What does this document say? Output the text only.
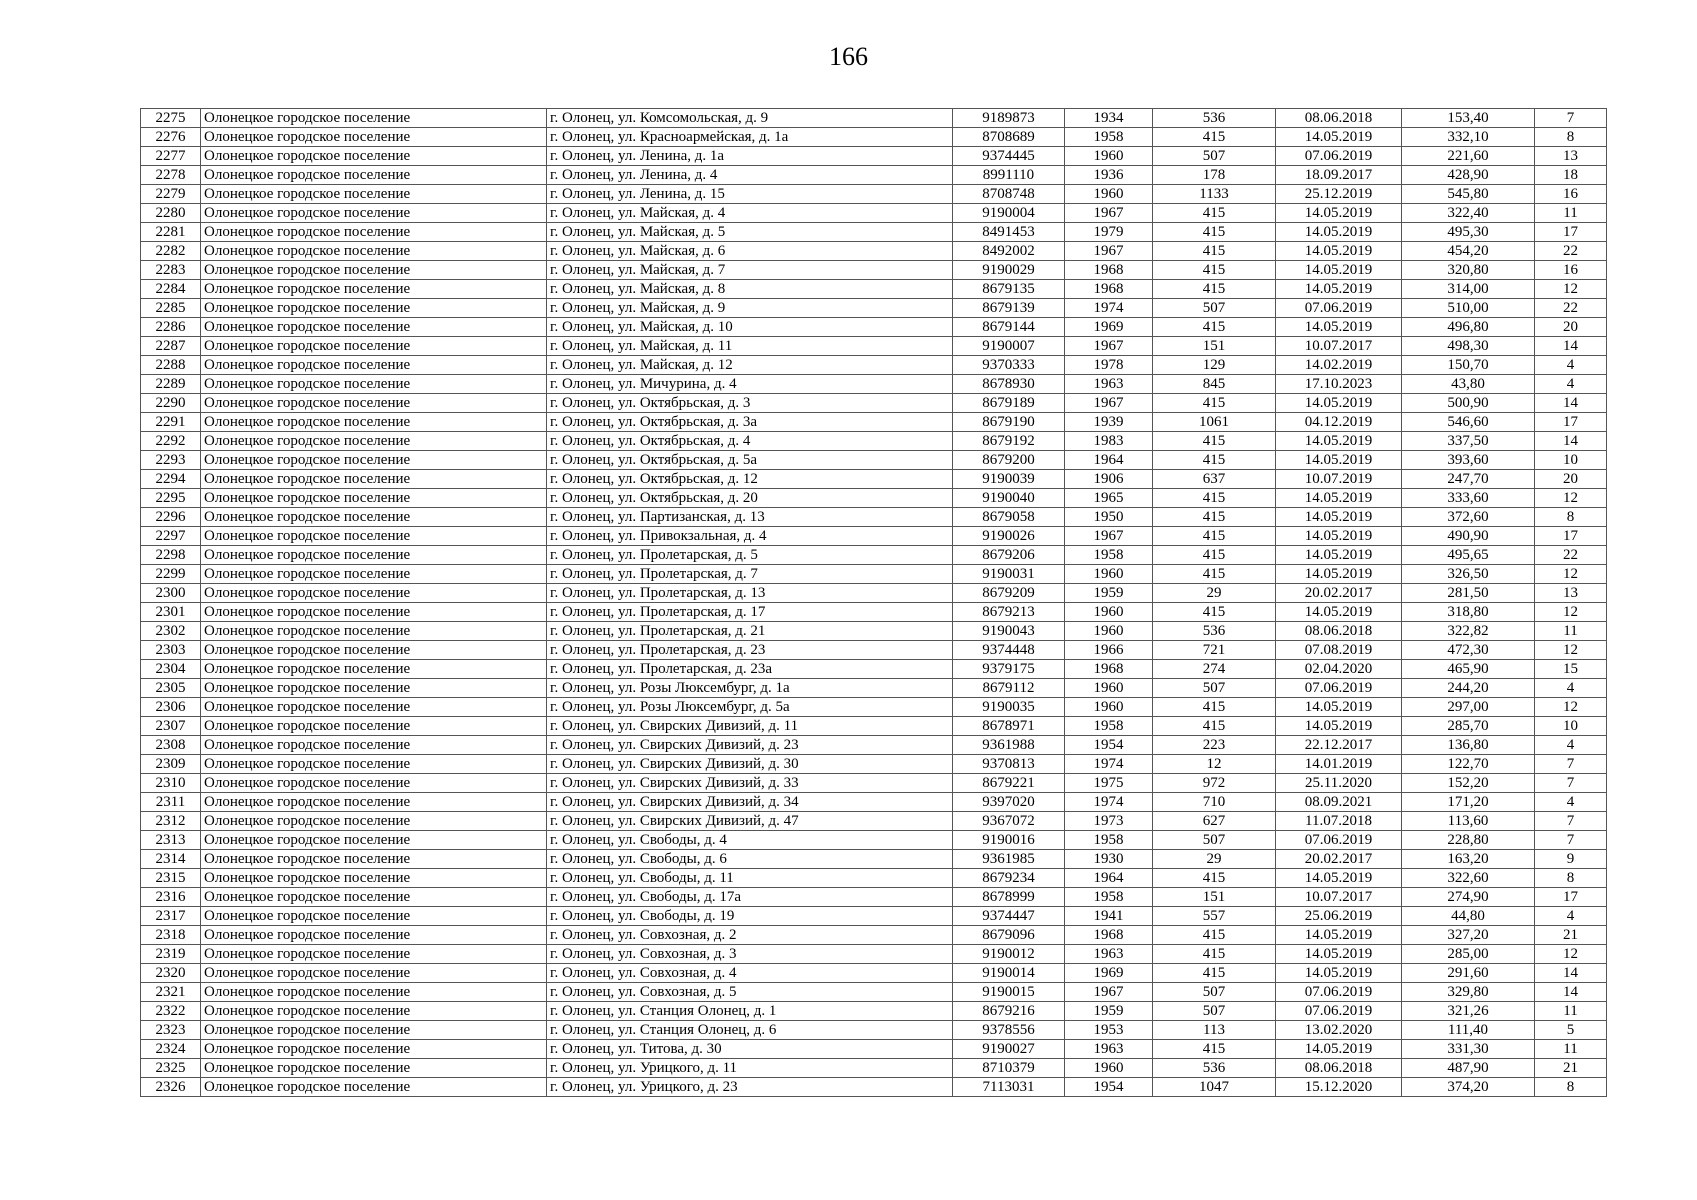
166
2275	Олонецкое городское поселение	г. Олонец, ул. Комсомольская, д. 9	9189873	1934	536	08.06.2018	153,40	7
2276	Олонецкое городское поселение	г. Олонец, ул. Красноармейская, д. 1а	8708689	1958	415	14.05.2019	332,10	8
2277	Олонецкое городское поселение	г. Олонец, ул. Ленина, д. 1а	9374445	1960	507	07.06.2019	221,60	13
2278	Олонецкое городское поселение	г. Олонец, ул. Ленина, д. 4	8991110	1936	178	18.09.2017	428,90	18
2279	Олонецкое городское поселение	г. Олонец, ул. Ленина, д. 15	8708748	1960	1133	25.12.2019	545,80	16
2280	Олонецкое городское поселение	г. Олонец, ул. Майская, д. 4	9190004	1967	415	14.05.2019	322,40	11
2281	Олонецкое городское поселение	г. Олонец, ул. Майская, д. 5	8491453	1979	415	14.05.2019	495,30	17
2282	Олонецкое городское поселение	г. Олонец, ул. Майская, д. 6	8492002	1967	415	14.05.2019	454,20	22
2283	Олонецкое городское поселение	г. Олонец, ул. Майская, д. 7	9190029	1968	415	14.05.2019	320,80	16
2284	Олонецкое городское поселение	г. Олонец, ул. Майская, д. 8	8679135	1968	415	14.05.2019	314,00	12
2285	Олонецкое городское поселение	г. Олонец, ул. Майская, д. 9	8679139	1974	507	07.06.2019	510,00	22
2286	Олонецкое городское поселение	г. Олонец, ул. Майская, д. 10	8679144	1969	415	14.05.2019	496,80	20
2287	Олонецкое городское поселение	г. Олонец, ул. Майская, д. 11	9190007	1967	151	10.07.2017	498,30	14
2288	Олонецкое городское поселение	г. Олонец, ул. Майская, д. 12	9370333	1978	129	14.02.2019	150,70	4
2289	Олонецкое городское поселение	г. Олонец, ул. Мичурина, д. 4	8678930	1963	845	17.10.2023	43,80	4
2290	Олонецкое городское поселение	г. Олонец, ул. Октябрьская, д. 3	8679189	1967	415	14.05.2019	500,90	14
2291	Олонецкое городское поселение	г. Олонец, ул. Октябрьская, д. 3а	8679190	1939	1061	04.12.2019	546,60	17
2292	Олонецкое городское поселение	г. Олонец, ул. Октябрьская, д. 4	8679192	1983	415	14.05.2019	337,50	14
2293	Олонецкое городское поселение	г. Олонец, ул. Октябрьская, д. 5а	8679200	1964	415	14.05.2019	393,60	10
2294	Олонецкое городское поселение	г. Олонец, ул. Октябрьская, д. 12	9190039	1906	637	10.07.2019	247,70	20
2295	Олонецкое городское поселение	г. Олонец, ул. Октябрьская, д. 20	9190040	1965	415	14.05.2019	333,60	12
2296	Олонецкое городское поселение	г. Олонец, ул. Партизанская, д. 13	8679058	1950	415	14.05.2019	372,60	8
2297	Олонецкое городское поселение	г. Олонец, ул. Привокзальная, д. 4	9190026	1967	415	14.05.2019	490,90	17
2298	Олонецкое городское поселение	г. Олонец, ул. Пролетарская, д. 5	8679206	1958	415	14.05.2019	495,65	22
2299	Олонецкое городское поселение	г. Олонец, ул. Пролетарская, д. 7	9190031	1960	415	14.05.2019	326,50	12
2300	Олонецкое городское поселение	г. Олонец, ул. Пролетарская, д. 13	8679209	1959	29	20.02.2017	281,50	13
2301	Олонецкое городское поселение	г. Олонец, ул. Пролетарская, д. 17	8679213	1960	415	14.05.2019	318,80	12
2302	Олонецкое городское поселение	г. Олонец, ул. Пролетарская, д. 21	9190043	1960	536	08.06.2018	322,82	11
2303	Олонецкое городское поселение	г. Олонец, ул. Пролетарская, д. 23	9374448	1966	721	07.08.2019	472,30	12
2304	Олонецкое городское поселение	г. Олонец, ул. Пролетарская, д. 23а	9379175	1968	274	02.04.2020	465,90	15
2305	Олонецкое городское поселение	г. Олонец, ул. Розы Люксембург, д. 1а	8679112	1960	507	07.06.2019	244,20	4
2306	Олонецкое городское поселение	г. Олонец, ул. Розы Люксембург, д. 5а	9190035	1960	415	14.05.2019	297,00	12
2307	Олонецкое городское поселение	г. Олонец, ул. Свирских Дивизий, д. 11	8678971	1958	415	14.05.2019	285,70	10
2308	Олонецкое городское поселение	г. Олонец, ул. Свирских Дивизий, д. 23	9361988	1954	223	22.12.2017	136,80	4
2309	Олонецкое городское поселение	г. Олонец, ул. Свирских Дивизий, д. 30	9370813	1974	12	14.01.2019	122,70	7
2310	Олонецкое городское поселение	г. Олонец, ул. Свирских Дивизий, д. 33	8679221	1975	972	25.11.2020	152,20	7
2311	Олонецкое городское поселение	г. Олонец, ул. Свирских Дивизий, д. 34	9397020	1974	710	08.09.2021	171,20	4
2312	Олонецкое городское поселение	г. Олонец, ул. Свирских Дивизий, д. 47	9367072	1973	627	11.07.2018	113,60	7
2313	Олонецкое городское поселение	г. Олонец, ул. Свободы, д. 4	9190016	1958	507	07.06.2019	228,80	7
2314	Олонецкое городское поселение	г. Олонец, ул. Свободы, д. 6	9361985	1930	29	20.02.2017	163,20	9
2315	Олонецкое городское поселение	г. Олонец, ул. Свободы, д. 11	8679234	1964	415	14.05.2019	322,60	8
2316	Олонецкое городское поселение	г. Олонец, ул. Свободы, д. 17а	8678999	1958	151	10.07.2017	274,90	17
2317	Олонецкое городское поселение	г. Олонец, ул. Свободы, д. 19	9374447	1941	557	25.06.2019	44,80	4
2318	Олонецкое городское поселение	г. Олонец, ул. Совхозная, д. 2	8679096	1968	415	14.05.2019	327,20	21
2319	Олонецкое городское поселение	г. Олонец, ул. Совхозная, д. 3	9190012	1963	415	14.05.2019	285,00	12
2320	Олонецкое городское поселение	г. Олонец, ул. Совхозная, д. 4	9190014	1969	415	14.05.2019	291,60	14
2321	Олонецкое городское поселение	г. Олонец, ул. Совхозная, д. 5	9190015	1967	507	07.06.2019	329,80	14
2322	Олонецкое городское поселение	г. Олонец, ул. Станция Олонец, д. 1	8679216	1959	507	07.06.2019	321,26	11
2323	Олонецкое городское поселение	г. Олонец, ул. Станция Олонец, д. 6	9378556	1953	113	13.02.2020	111,40	5
2324	Олонецкое городское поселение	г. Олонец, ул. Титова, д. 30	9190027	1963	415	14.05.2019	331,30	11
2325	Олонецкое городское поселение	г. Олонец, ул. Урицкого, д. 11	8710379	1960	536	08.06.2018	487,90	21
2326	Олонецкое городское поселение	г. Олонец, ул. Урицкого, д. 23	7113031	1954	1047	15.12.2020	374,20	8
